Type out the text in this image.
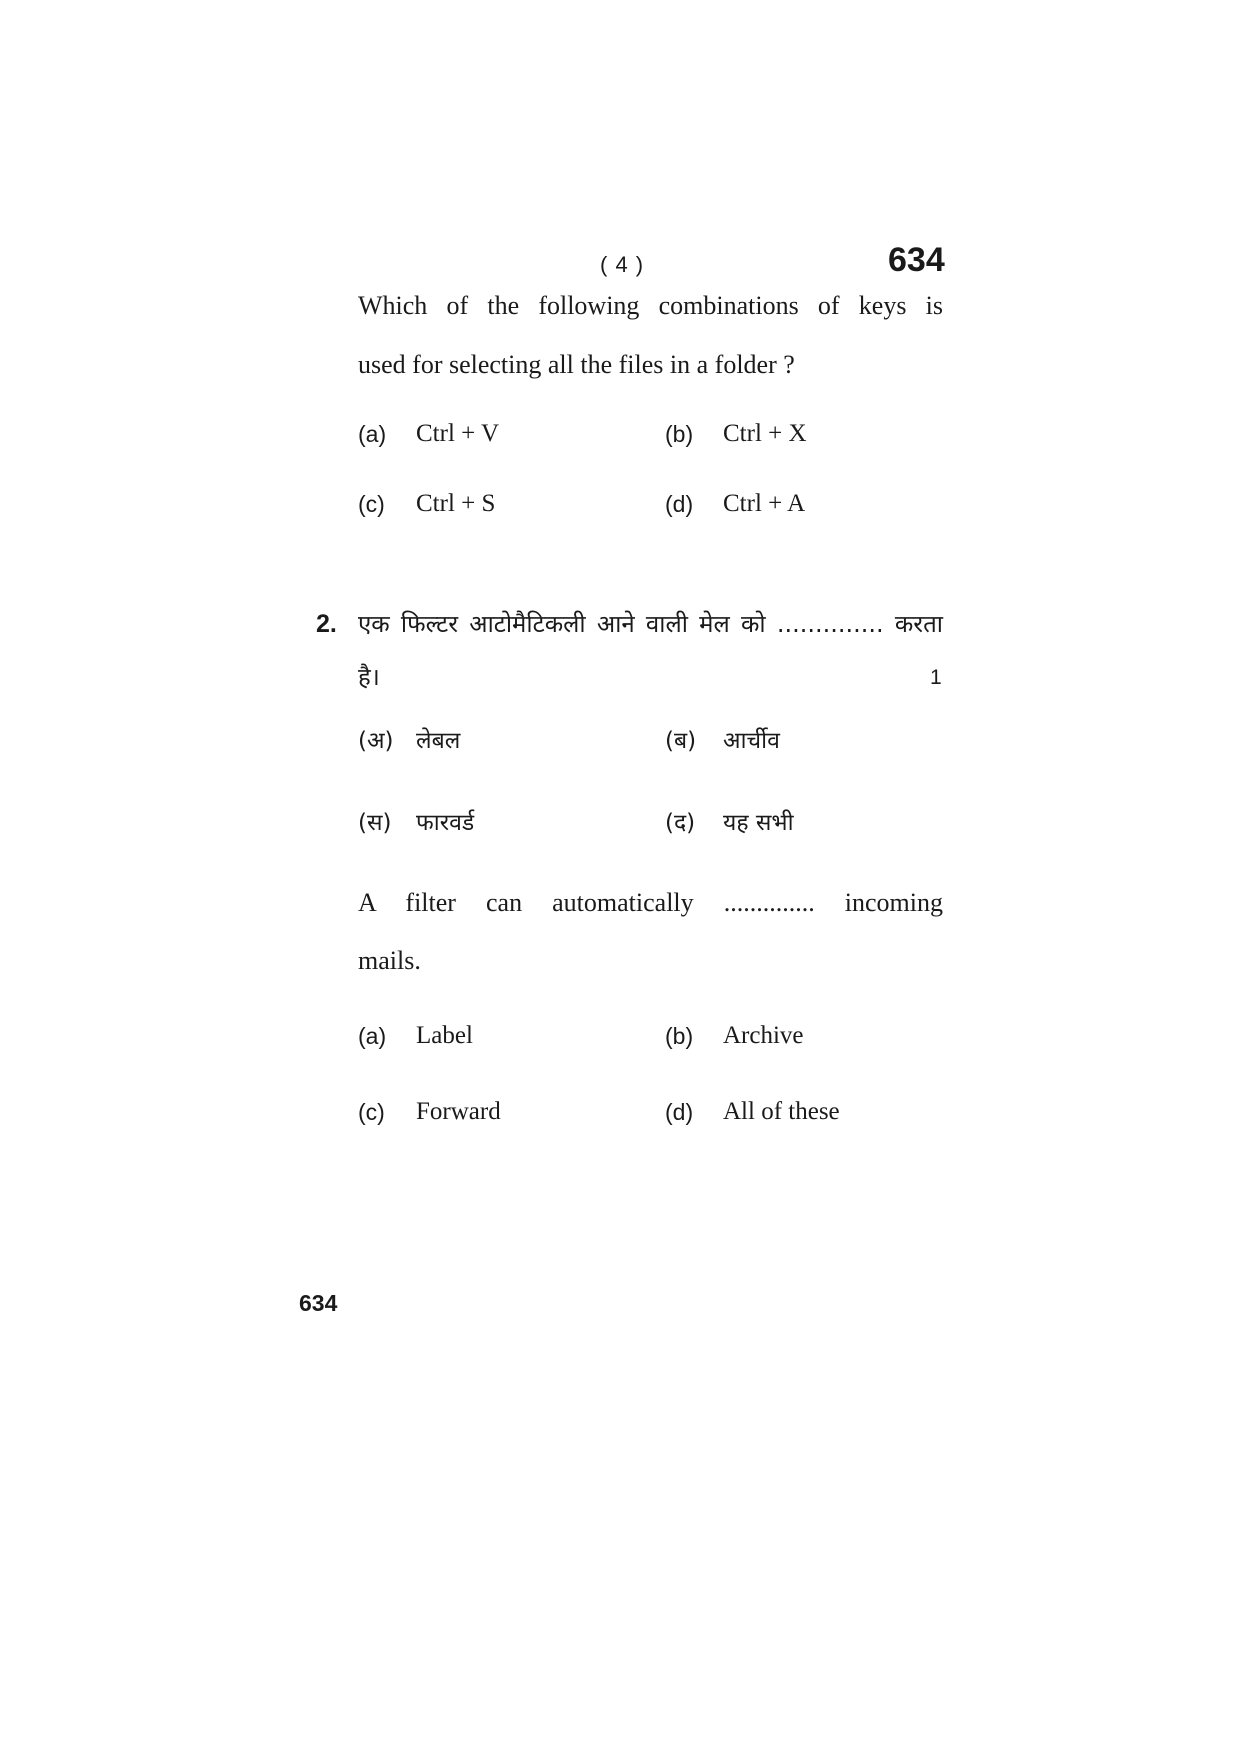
( 4 )	634
Which of the following combinations of keys is
used for selecting all the files in a folder ?
(a) Ctrl + V	(b) Ctrl + X
(c) Ctrl + S	(d) Ctrl + A
2. एक फिल्टर आटोमैटिकली आने वाली मेल को .............. करता
है।	1
(अ) लेबल	(ब) आर्चीव
(स) फारवर्ड	(द) यह सभी
A filter can automatically .............. incoming
mails.
(a) Label	(b) Archive
(c) Forward	(d) All of these
634
